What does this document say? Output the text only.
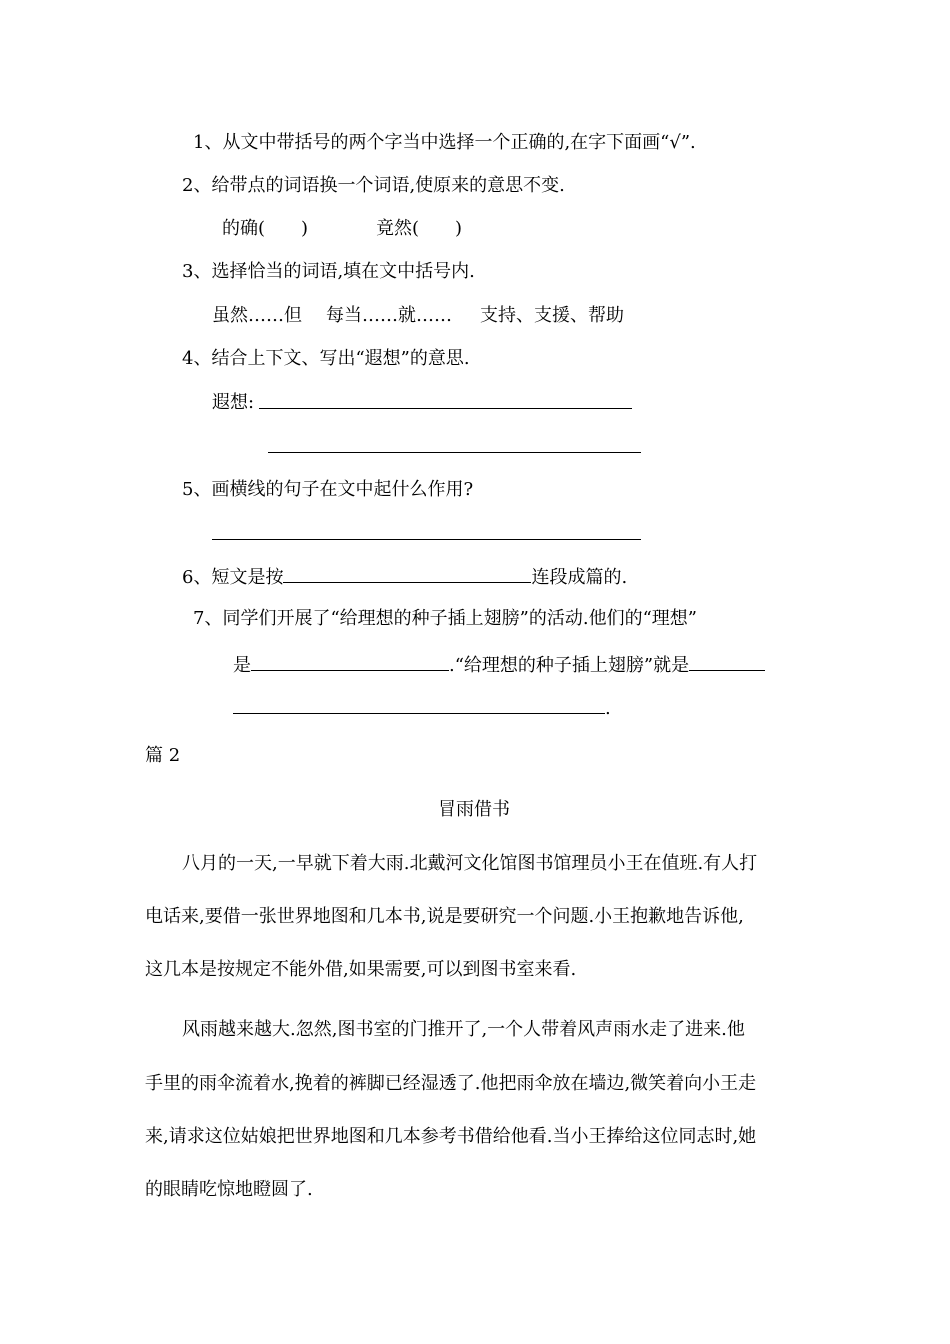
1、从文中带括号的两个字当中选择一个正确的,在字下面画“√”.
2、给带点的词语换一个词语,使原来的意思不变.
的确(　　)	竟然(　　)
3、选择恰当的词语,填在文中括号内.
虽然……但 每当……就…… 支持、支援、帮助
4、结合上下文、写出“遐想”的意思.
遐想:
5、画横线的句子在文中起什么作用?
6、短文是按	连段成篇的.
7、同学们开展了“给理想的种子插上翅膀”的活动.他们的“理想”
是	.“给理想的种子插上翅膀”就是
.
篇 2
冒雨借书
八月的一天,一早就下着大雨.北戴河文化馆图书馆理员小王在值班.有人打
电话来,要借一张世界地图和几本书,说是要研究一个问题.小王抱歉地告诉他,
这几本是按规定不能外借,如果需要,可以到图书室来看.
风雨越来越大.忽然,图书室的门推开了,一个人带着风声雨水走了进来.他
手里的雨伞流着水,挽着的裤脚已经湿透了.他把雨伞放在墙边,微笑着向小王走
来,请求这位姑娘把世界地图和几本参考书借给他看.当小王捧给这位同志时,她
的眼睛吃惊地瞪圆了.
